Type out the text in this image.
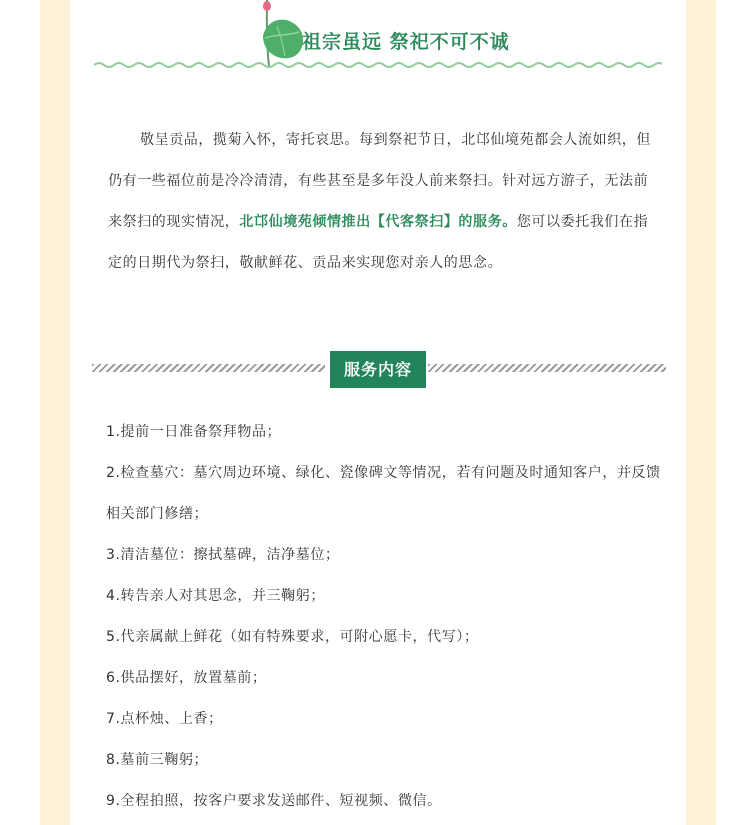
祖宗虽远 祭祀不可不诚

敬呈贡品，揽菊入怀，寄托哀思。每到祭祀节日，北邙仙境苑都会人流如织，但仍有一些福位前是冷冷清清，有些甚至是多年没人前来祭扫。针对远方游子，无法前来祭扫的现实情况，北邙仙境苑倾情推出【代客祭扫】的服务。您可以委托我们在指定的日期代为祭扫，敬献鲜花、贡品来实现您对亲人的思念。

服务内容
1.提前一日准备祭拜物品；
2.检查墓穴：墓穴周边环境、绿化、瓷像碑文等情况，若有问题及时通知客户，并反馈相关部门修缮；
3.清洁墓位：擦拭墓碑，洁净墓位；
4.转告亲人对其思念，并三鞠躬；
5.代亲属献上鲜花（如有特殊要求，可附心愿卡，代写）；
6.供品摆好，放置墓前；
7.点杯烛、上香；
8.墓前三鞠躬；
9.全程拍照，按客户要求发送邮件、短视频、微信。
